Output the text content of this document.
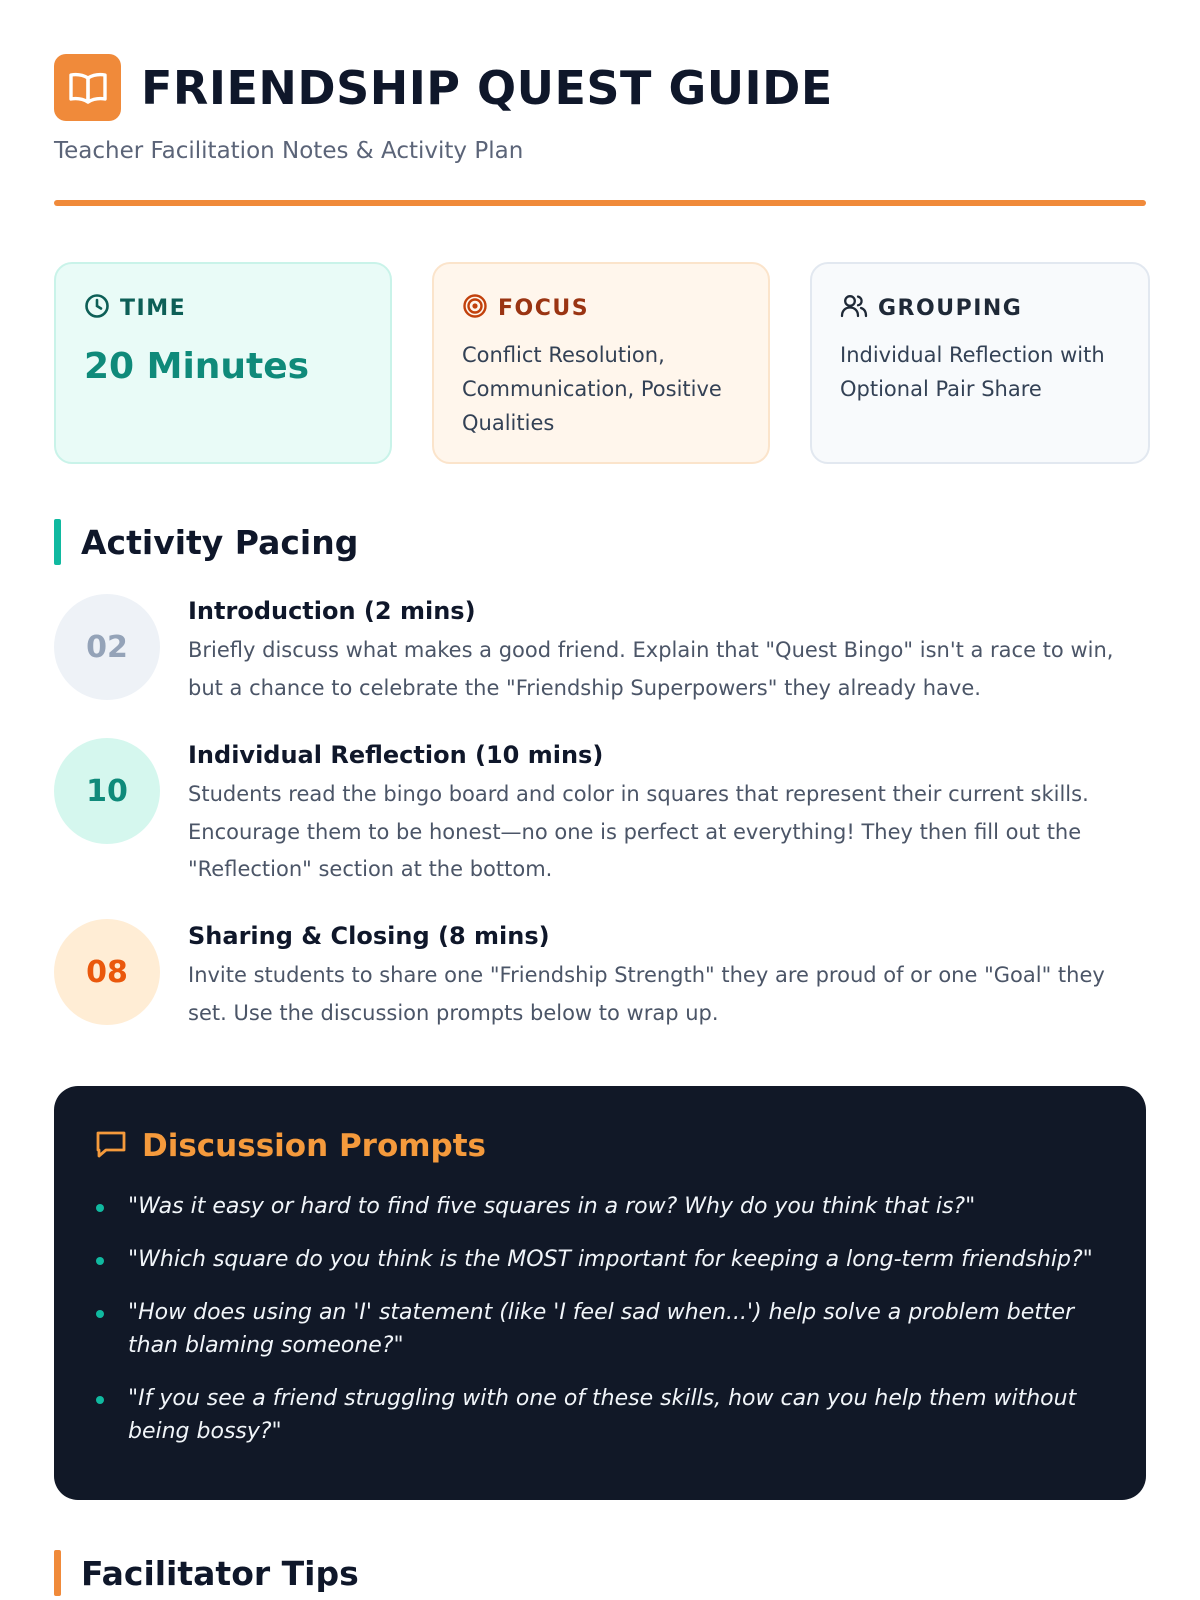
FRIENDSHIP QUEST GUIDE
Teacher Facilitation Notes & Activity Plan
TIME
20 Minutes
FOCUS
Conflict Resolution, Communication, Positive Qualities
GROUPING
Individual Reflection with Optional Pair Share
Activity Pacing
02
Introduction (2 mins)
Briefly discuss what makes a good friend. Explain that "Quest Bingo" isn't a race to win, but a chance to celebrate the "Friendship Superpowers" they already have.
10
Individual Reflection (10 mins)
Students read the bingo board and color in squares that represent their current skills. Encourage them to be honest—no one is perfect at everything! They then fill out the "Reflection" section at the bottom.
08
Sharing & Closing (8 mins)
Invite students to share one "Friendship Strength" they are proud of or one "Goal" they set. Use the discussion prompts below to wrap up.
Discussion Prompts
"Was it easy or hard to find five squares in a row? Why do you think that is?"
"Which square do you think is the MOST important for keeping a long-term friendship?"
"How does using an 'I' statement (like 'I feel sad when...') help solve a problem better than blaming someone?"
"If you see a friend struggling with one of these skills, how can you help them without being bossy?"
Facilitator Tips
